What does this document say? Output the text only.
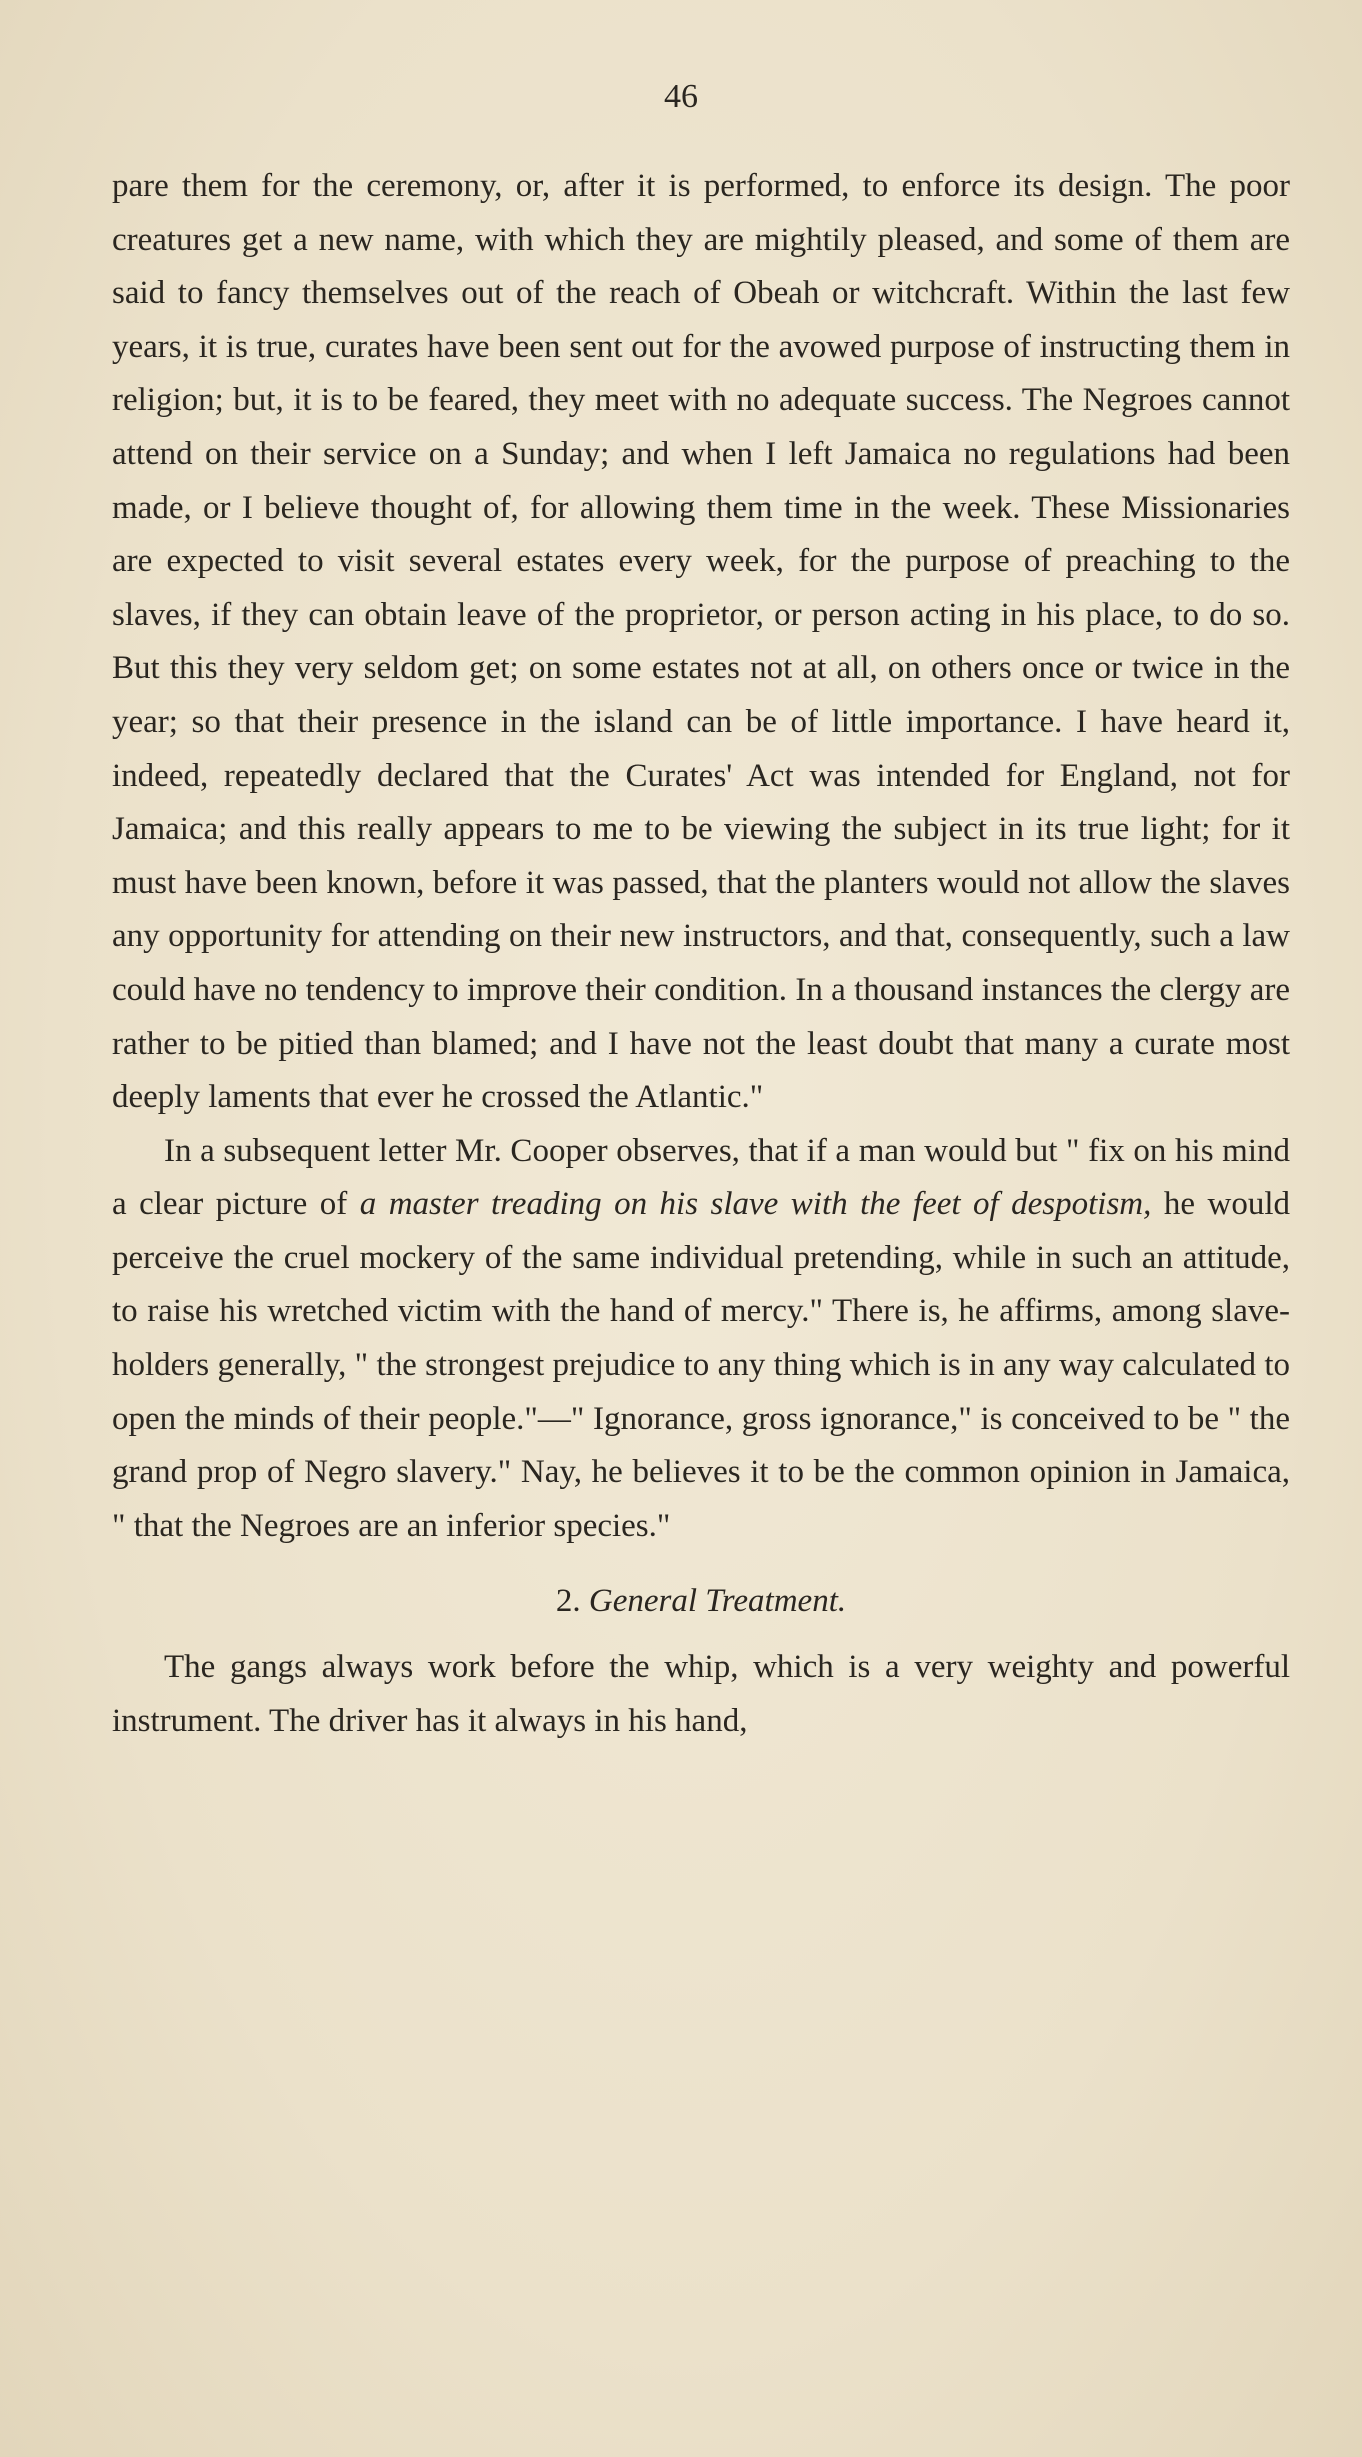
46

pare them for the ceremony, or, after it is performed, to enforce its design. The poor creatures get a new name, with which they are mightily pleased, and some of them are said to fancy themselves out of the reach of Obeah or witchcraft. Within the last few years, it is true, curates have been sent out for the avowed purpose of instructing them in religion; but, it is to be feared, they meet with no adequate success. The Negroes cannot attend on their service on a Sunday; and when I left Jamaica no regulations had been made, or I believe thought of, for allowing them time in the week. These Missionaries are expected to visit several estates every week, for the purpose of preaching to the slaves, if they can obtain leave of the proprietor, or person acting in his place, to do so. But this they very seldom get; on some estates not at all, on others once or twice in the year; so that their presence in the island can be of little importance. I have heard it, indeed, repeatedly declared that the Curates' Act was intended for England, not for Jamaica; and this really appears to me to be viewing the subject in its true light; for it must have been known, before it was passed, that the planters would not allow the slaves any opportunity for attending on their new instructors, and that, consequently, such a law could have no tendency to improve their condition. In a thousand instances the clergy are rather to be pitied than blamed; and I have not the least doubt that many a curate most deeply laments that ever he crossed the Atlantic."

In a subsequent letter Mr. Cooper observes, that if a man would but " fix on his mind a clear picture of a master treading on his slave with the feet of despotism, he would perceive the cruel mockery of the same individual pretending, while in such an attitude, to raise his wretched victim with the hand of mercy." There is, he affirms, among slave-holders generally, " the strongest prejudice to any thing which is in any way calculated to open the minds of their people."—" Ignorance, gross ignorance," is conceived to be " the grand prop of Negro slavery." Nay, he believes it to be the common opinion in Jamaica, " that the Negroes are an inferior species."

2. General Treatment.

The gangs always work before the whip, which is a very weighty and powerful instrument. The driver has it always in his hand,
